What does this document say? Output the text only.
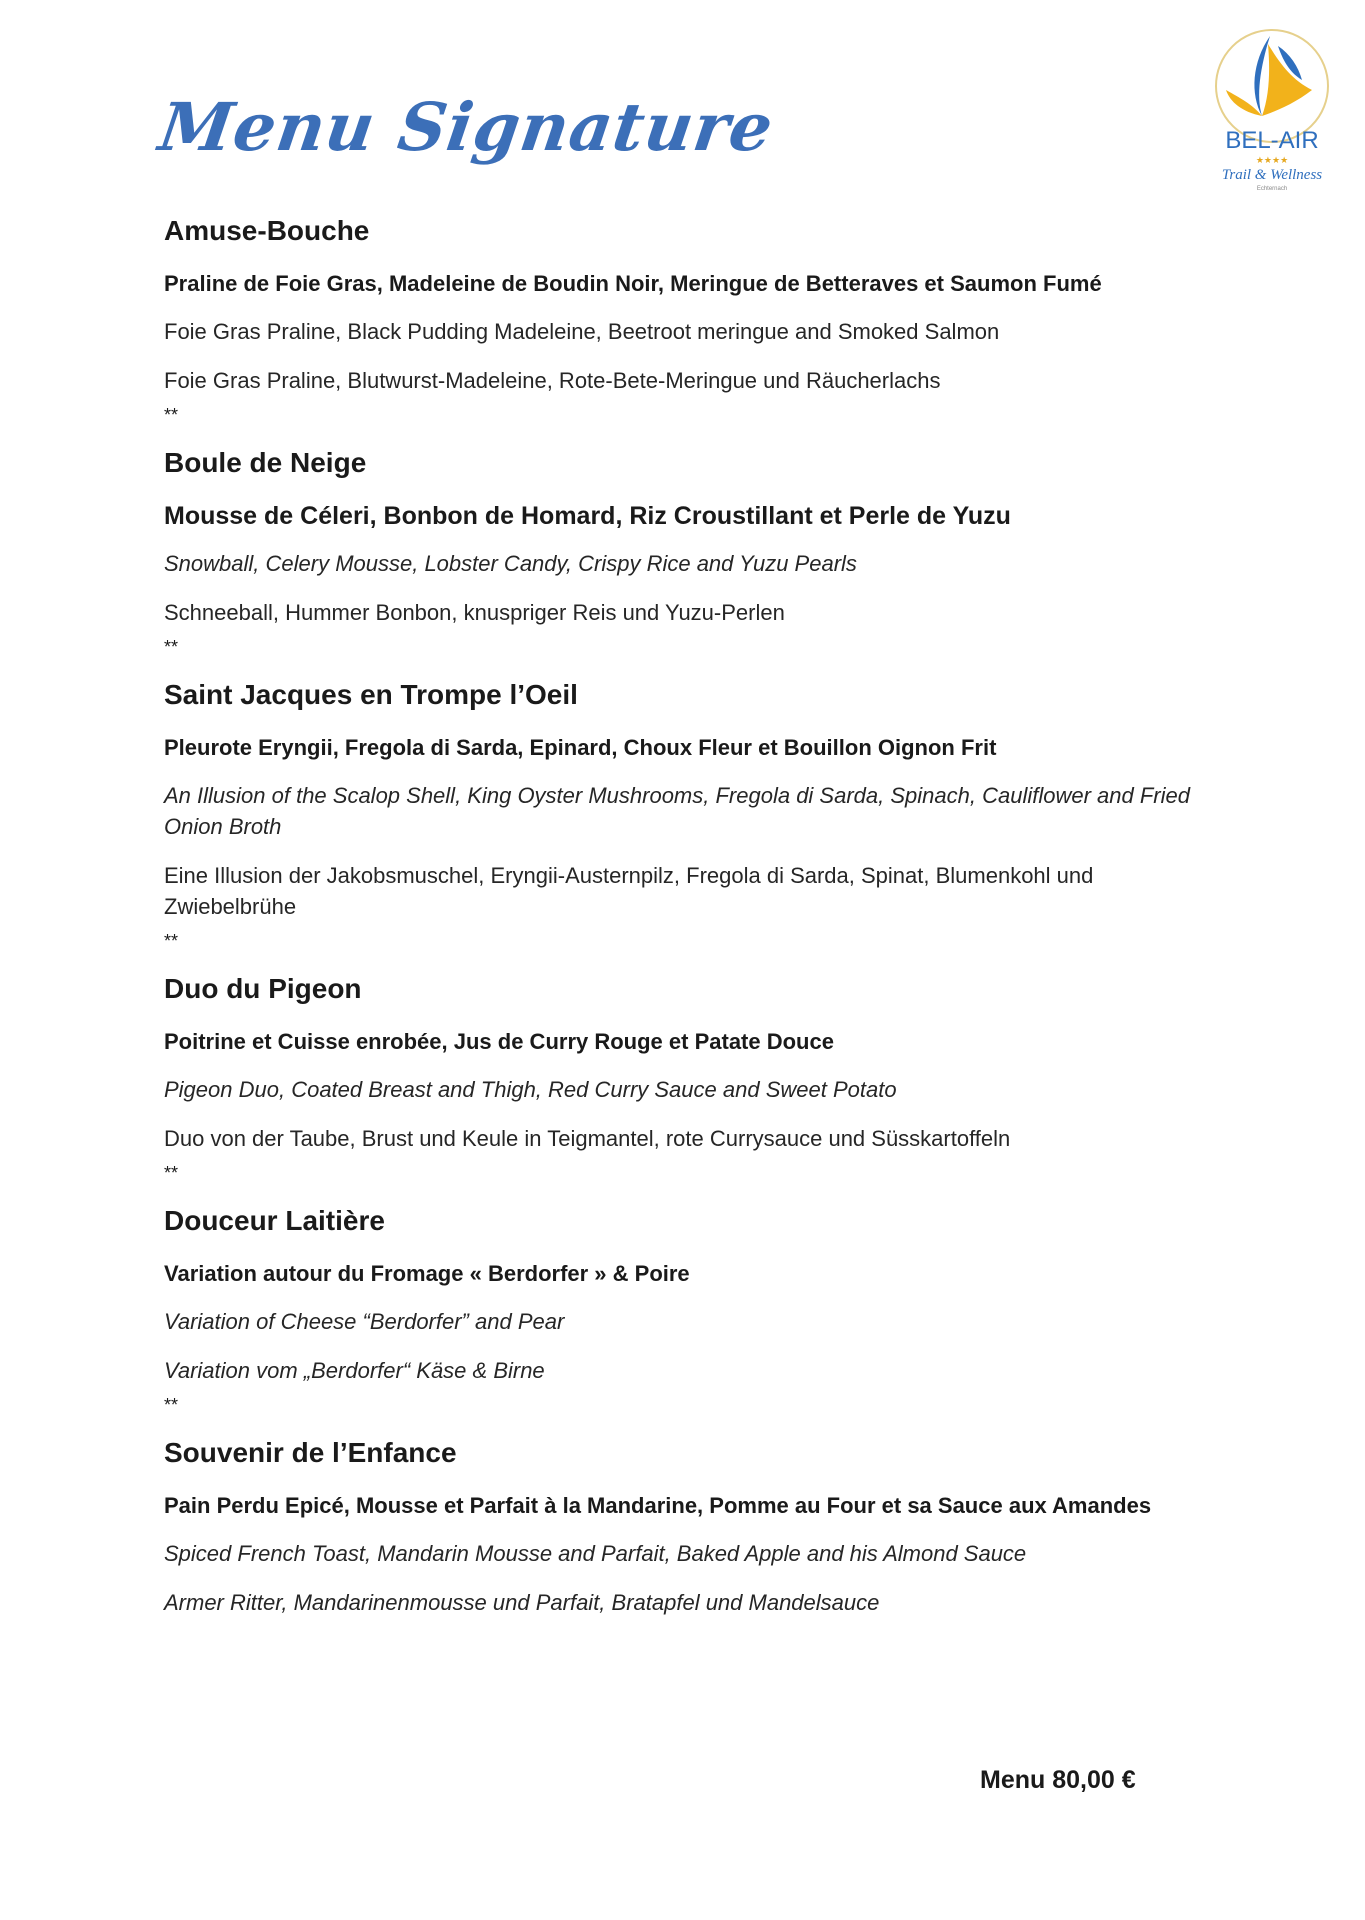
Menu Signature	BEL-AIR
★★★★
Trail & Wellness
Echternach
Amuse-Bouche

Praline de Foie Gras, Madeleine de Boudin Noir, Meringue de Betteraves et Saumon Fumé

Foie Gras Praline, Black Pudding Madeleine, Beetroot meringue and Smoked Salmon

Foie Gras Praline, Blutwurst-Madeleine, Rote-Bete-Meringue und Räucherlachs

**

Boule de Neige

Mousse de Céleri, Bonbon de Homard, Riz Croustillant et Perle de Yuzu

Snowball, Celery Mousse, Lobster Candy, Crispy Rice and Yuzu Pearls

Schneeball, Hummer Bonbon, knuspriger Reis und Yuzu-Perlen

**

Saint Jacques en Trompe l’Oeil

Pleurote Eryngii, Fregola di Sarda, Epinard, Choux Fleur et Bouillon Oignon Frit

An Illusion of the Scalop Shell, King Oyster Mushrooms, Fregola di Sarda, Spinach, Cauliflower and Fried Onion Broth

Eine Illusion der Jakobsmuschel, Eryngii-Austernpilz, Fregola di Sarda, Spinat, Blumenkohl und Zwiebelbrühe

**

Duo du Pigeon

Poitrine et Cuisse enrobée, Jus de Curry Rouge et Patate Douce

Pigeon Duo, Coated Breast and Thigh, Red Curry Sauce and Sweet Potato

Duo von der Taube, Brust und Keule in Teigmantel, rote Currysauce und Süsskartoffeln

**

Douceur Laitière

Variation autour du Fromage « Berdorfer » & Poire

Variation of Cheese “Berdorfer” and Pear

Variation vom „Berdorfer“ Käse & Birne

**

Souvenir de l’Enfance

Pain Perdu Epicé, Mousse et Parfait à la Mandarine, Pomme au Four et sa Sauce aux Amandes

Spiced French Toast, Mandarin Mousse and Parfait, Baked Apple and his Almond Sauce

Armer Ritter, Mandarinenmousse und Parfait, Bratapfel und Mandelsauce

Menu 80,00 €
